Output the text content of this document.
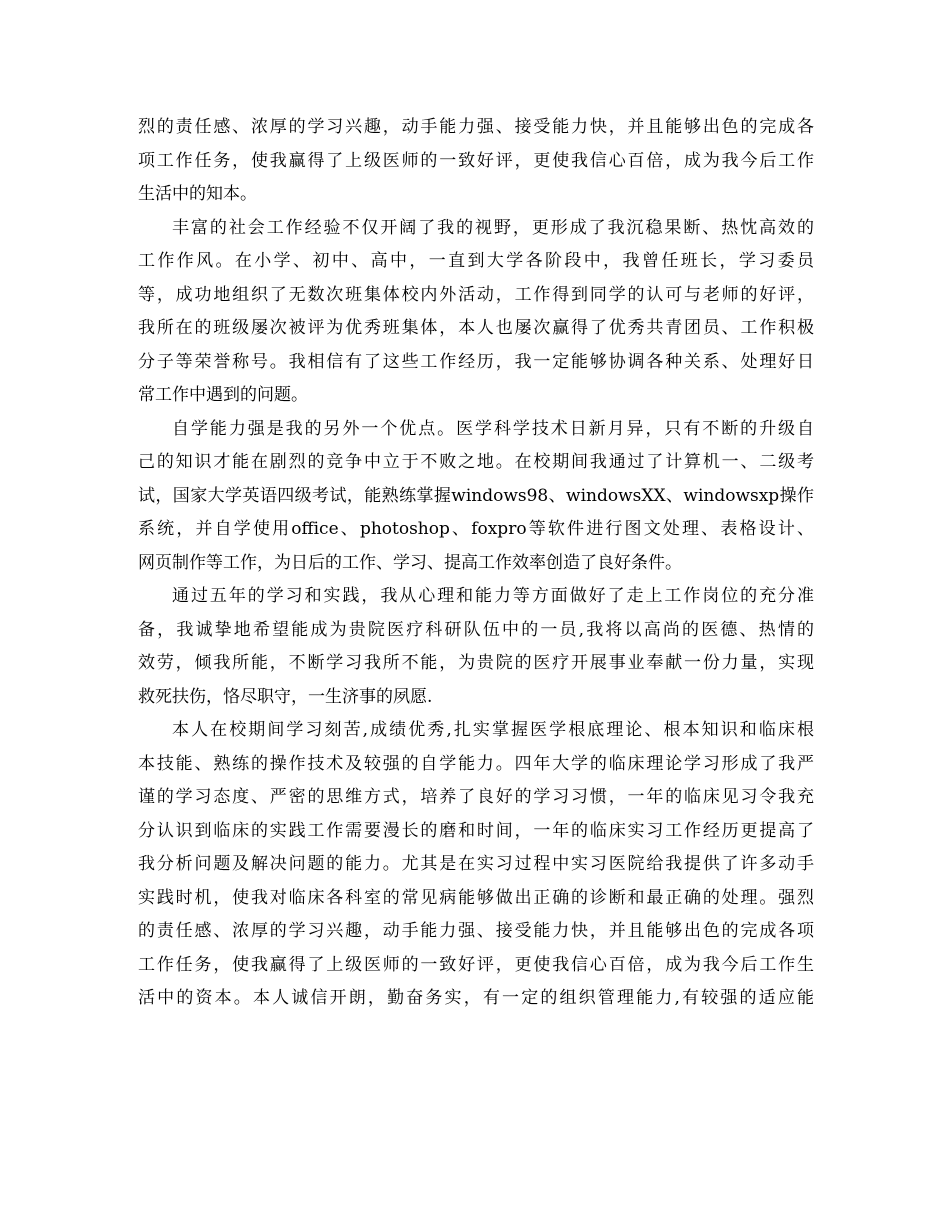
烈的责任感、浓厚的学习兴趣，动手能力强、接受能力快，并且能够出色的完成各
项工作任务，使我赢得了上级医师的一致好评，更使我信心百倍，成为我今后工作
生活中的知本。
丰富的社会工作经验不仅开阔了我的视野，更形成了我沉稳果断、热忱高效的
工作作风。在小学、初中、高中，一直到大学各阶段中，我曾任班长，学习委员
等，成功地组织了无数次班集体校内外活动，工作得到同学的认可与老师的好评，
我所在的班级屡次被评为优秀班集体，本人也屡次赢得了优秀共青团员、工作积极
分子等荣誉称号。我相信有了这些工作经历，我一定能够协调各种关系、处理好日
常工作中遇到的问题。
自学能力强是我的另外一个优点。医学科学技术日新月异，只有不断的升级自
己的知识才能在剧烈的竞争中立于不败之地。在校期间我通过了计算机一、二级考
试，国家大学英语四级考试，能熟练掌握windows98、windowsXX、windowsxp操作
系统，并自学使用office、photoshop、foxpro等软件进行图文处理、表格设计、
网页制作等工作，为日后的工作、学习、提高工作效率创造了良好条件。
通过五年的学习和实践，我从心理和能力等方面做好了走上工作岗位的充分准
备，我诚挚地希望能成为贵院医疗科研队伍中的一员,我将以高尚的医德、热情的
效劳，倾我所能，不断学习我所不能，为贵院的医疗开展事业奉献一份力量，实现
救死扶伤，恪尽职守，一生济事的夙愿.
本人在校期间学习刻苦,成绩优秀,扎实掌握医学根底理论、根本知识和临床根
本技能、熟练的操作技术及较强的自学能力。四年大学的临床理论学习形成了我严
谨的学习态度、严密的思维方式，培养了良好的学习习惯，一年的临床见习令我充
分认识到临床的实践工作需要漫长的磨和时间，一年的临床实习工作经历更提高了
我分析问题及解决问题的能力。尤其是在实习过程中实习医院给我提供了许多动手
实践时机，使我对临床各科室的常见病能够做出正确的诊断和最正确的处理。强烈
的责任感、浓厚的学习兴趣，动手能力强、接受能力快，并且能够出色的完成各项
工作任务，使我赢得了上级医师的一致好评，更使我信心百倍，成为我今后工作生
活中的资本。本人诚信开朗，勤奋务实，有一定的组织管理能力,有较强的适应能
